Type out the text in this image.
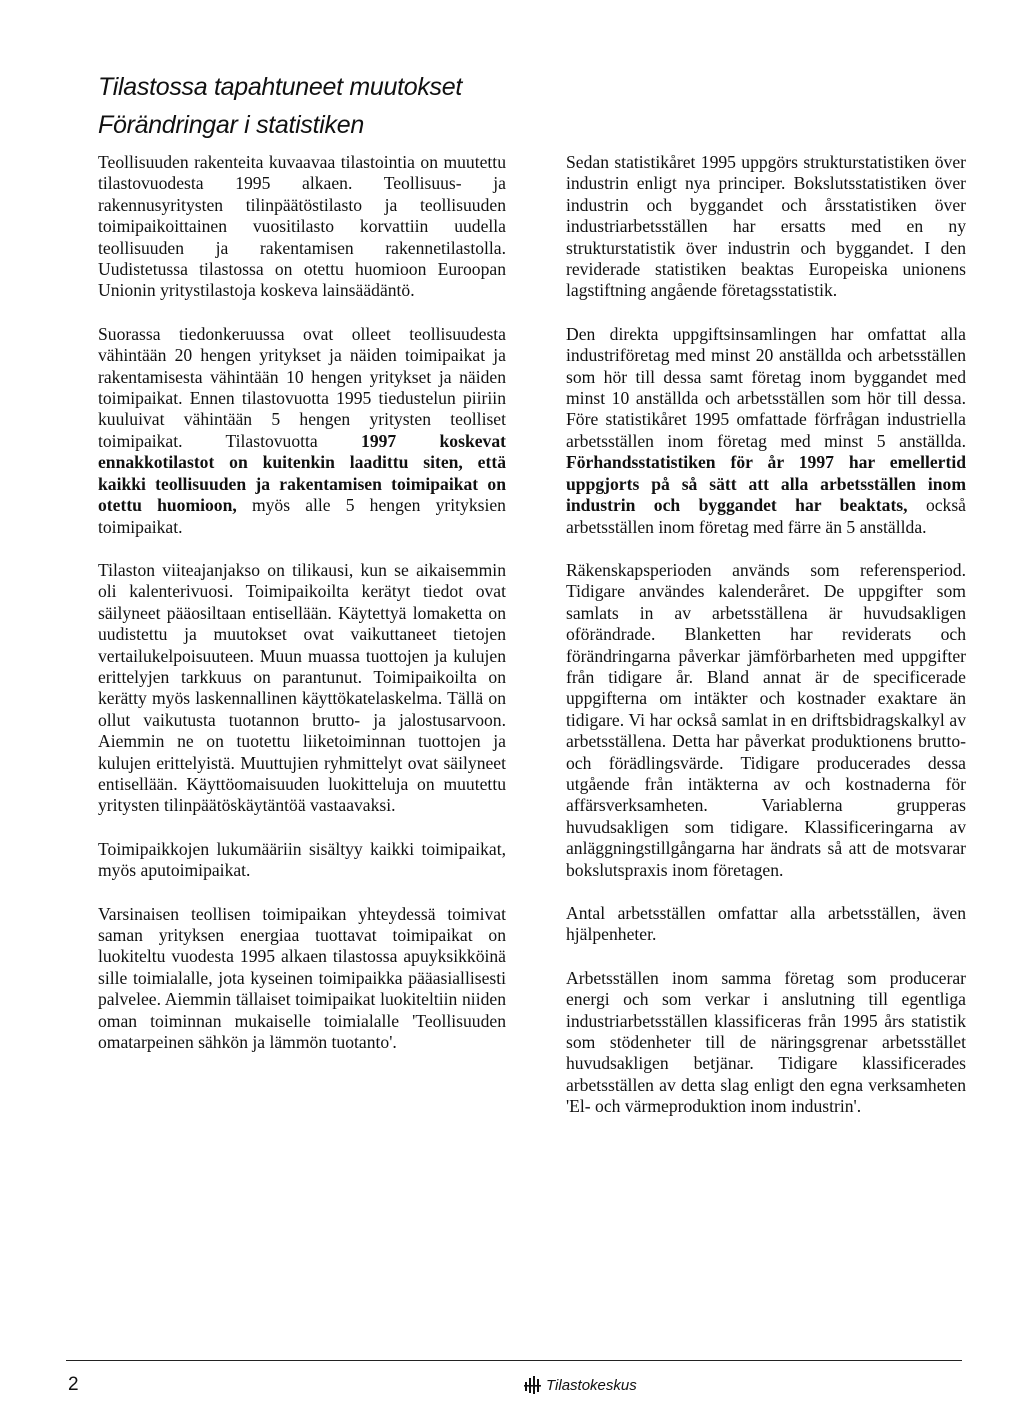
Tilastossa tapahtuneet muutokset
Förändringar i statistiken

Teollisuuden rakenteita kuvaavaa tilastointia on muutettu tilastovuodesta 1995 alkaen. Teollisuus- ja rakennusyritysten tilinpäätöstilasto ja teollisuuden toimipaikoittainen vuositilasto korvattiin uudella teollisuuden ja rakentamisen rakennetilastolla. Uudistetussa tilastossa on otettu huomioon Euroopan Unionin yritystilastoja koskeva lainsäädäntö.

Suorassa tiedonkeruussa ovat olleet teollisuudesta vähintään 20 hengen yritykset ja näiden toimipaikat ja rakentamisesta vähintään 10 hengen yritykset ja näiden toimipaikat. Ennen tilastovuotta 1995 tiedustelun piiriin kuuluivat vähintään 5 hengen yritysten teolliset toimipaikat. Tilastovuotta 1997 koskevat ennakkotilastot on kuitenkin laadittu siten, että kaikki teollisuuden ja rakentamisen toimipaikat on otettu huomioon, myös alle 5 hengen yrityksien toimipaikat.

Tilaston viiteajanjakso on tilikausi, kun se aikaisemmin oli kalenterivuosi. Toimipaikoilta kerätyt tiedot ovat säilyneet pääosiltaan entisellään. Käytettyä lomaketta on uudistettu ja muutokset ovat vaikuttaneet tietojen vertailukelpoisuuteen. Muun muassa tuottojen ja kulujen erittelyjen tarkkuus on parantunut. Toimipaikoilta on kerätty myös laskennallinen käyttökatelaskelma. Tällä on ollut vaikutusta tuotannon brutto- ja jalostusarvoon. Aiemmin ne on tuotettu liiketoiminnan tuottojen ja kulujen erittelyistä. Muuttujien ryhmittelyt ovat säilyneet entisellään. Käyttöomaisuuden luokitteluja on muutettu yritysten tilinpäätöskäytäntöä vastaavaksi.

Toimipaikkojen lukumääriin sisältyy kaikki toimipaikat, myös aputoimipaikat.

Varsinaisen teollisen toimipaikan yhteydessä toimivat saman yrityksen energiaa tuottavat toimipaikat on luokiteltu vuodesta 1995 alkaen tilastossa apuyksikköinä sille toimialalle, jota kyseinen toimipaikka pääasiallisesti palvelee. Aiemmin tällaiset toimipaikat luokiteltiin niiden oman toiminnan mukaiselle toimialalle 'Teollisuuden omatarpeinen sähkön ja lämmön tuotanto'.

Sedan statistikåret 1995 uppgörs strukturstatistiken över industrin enligt nya principer. Bokslutsstatistiken över industrin och byggandet och årsstatistiken över industriarbetsställen har ersatts med en ny strukturstatistik över industrin och byggandet. I den reviderade statistiken beaktas Europeiska unionens lagstiftning angående företagsstatistik.

Den direkta uppgiftsinsamlingen har omfattat alla industriföretag med minst 20 anställda och arbetsställen som hör till dessa samt företag inom byggandet med minst 10 anställda och arbetsställen som hör till dessa. Före statistikåret 1995 omfattade förfrågan industriella arbetsställen inom företag med minst 5 anställda. Förhandsstatistiken för år 1997 har emellertid uppgjorts på så sätt att alla arbetsställen inom industrin och byggandet har beaktats, också arbetsställen inom företag med färre än 5 anställda.

Räkenskapsperioden används som referensperiod. Tidigare användes kalenderåret. De uppgifter som samlats in av arbetsställena är huvudsakligen oförändrade. Blanketten har reviderats och förändringarna påverkar jämförbarheten med uppgifter från tidigare år. Bland annat är de specificerade uppgifterna om intäkter och kostnader exaktare än tidigare. Vi har också samlat in en driftsbidragskalkyl av arbetsställena. Detta har påverkat produktionens brutto- och förädlingsvärde. Tidigare producerades dessa utgående från intäkterna av och kostnaderna för affärsverksamheten. Variablerna grupperas huvudsakligen som tidigare. Klassificeringarna av anläggningstillgångarna har ändrats så att de motsvarar bokslutspraxis inom företagen.

Antal arbetsställen omfattar alla arbetsställen, även hjälpenheter.

Arbetsställen inom samma företag som producerar energi och som verkar i anslutning till egentliga industriarbetsställen klassificeras från 1995 års statistik som stödenheter till de näringsgrenar arbetsstället huvudsakligen betjänar. Tidigare klassificerades arbetsställen av detta slag enligt den egna verksamheten 'El- och värmeproduktion inom industrin'.

2	Tilastokeskus
